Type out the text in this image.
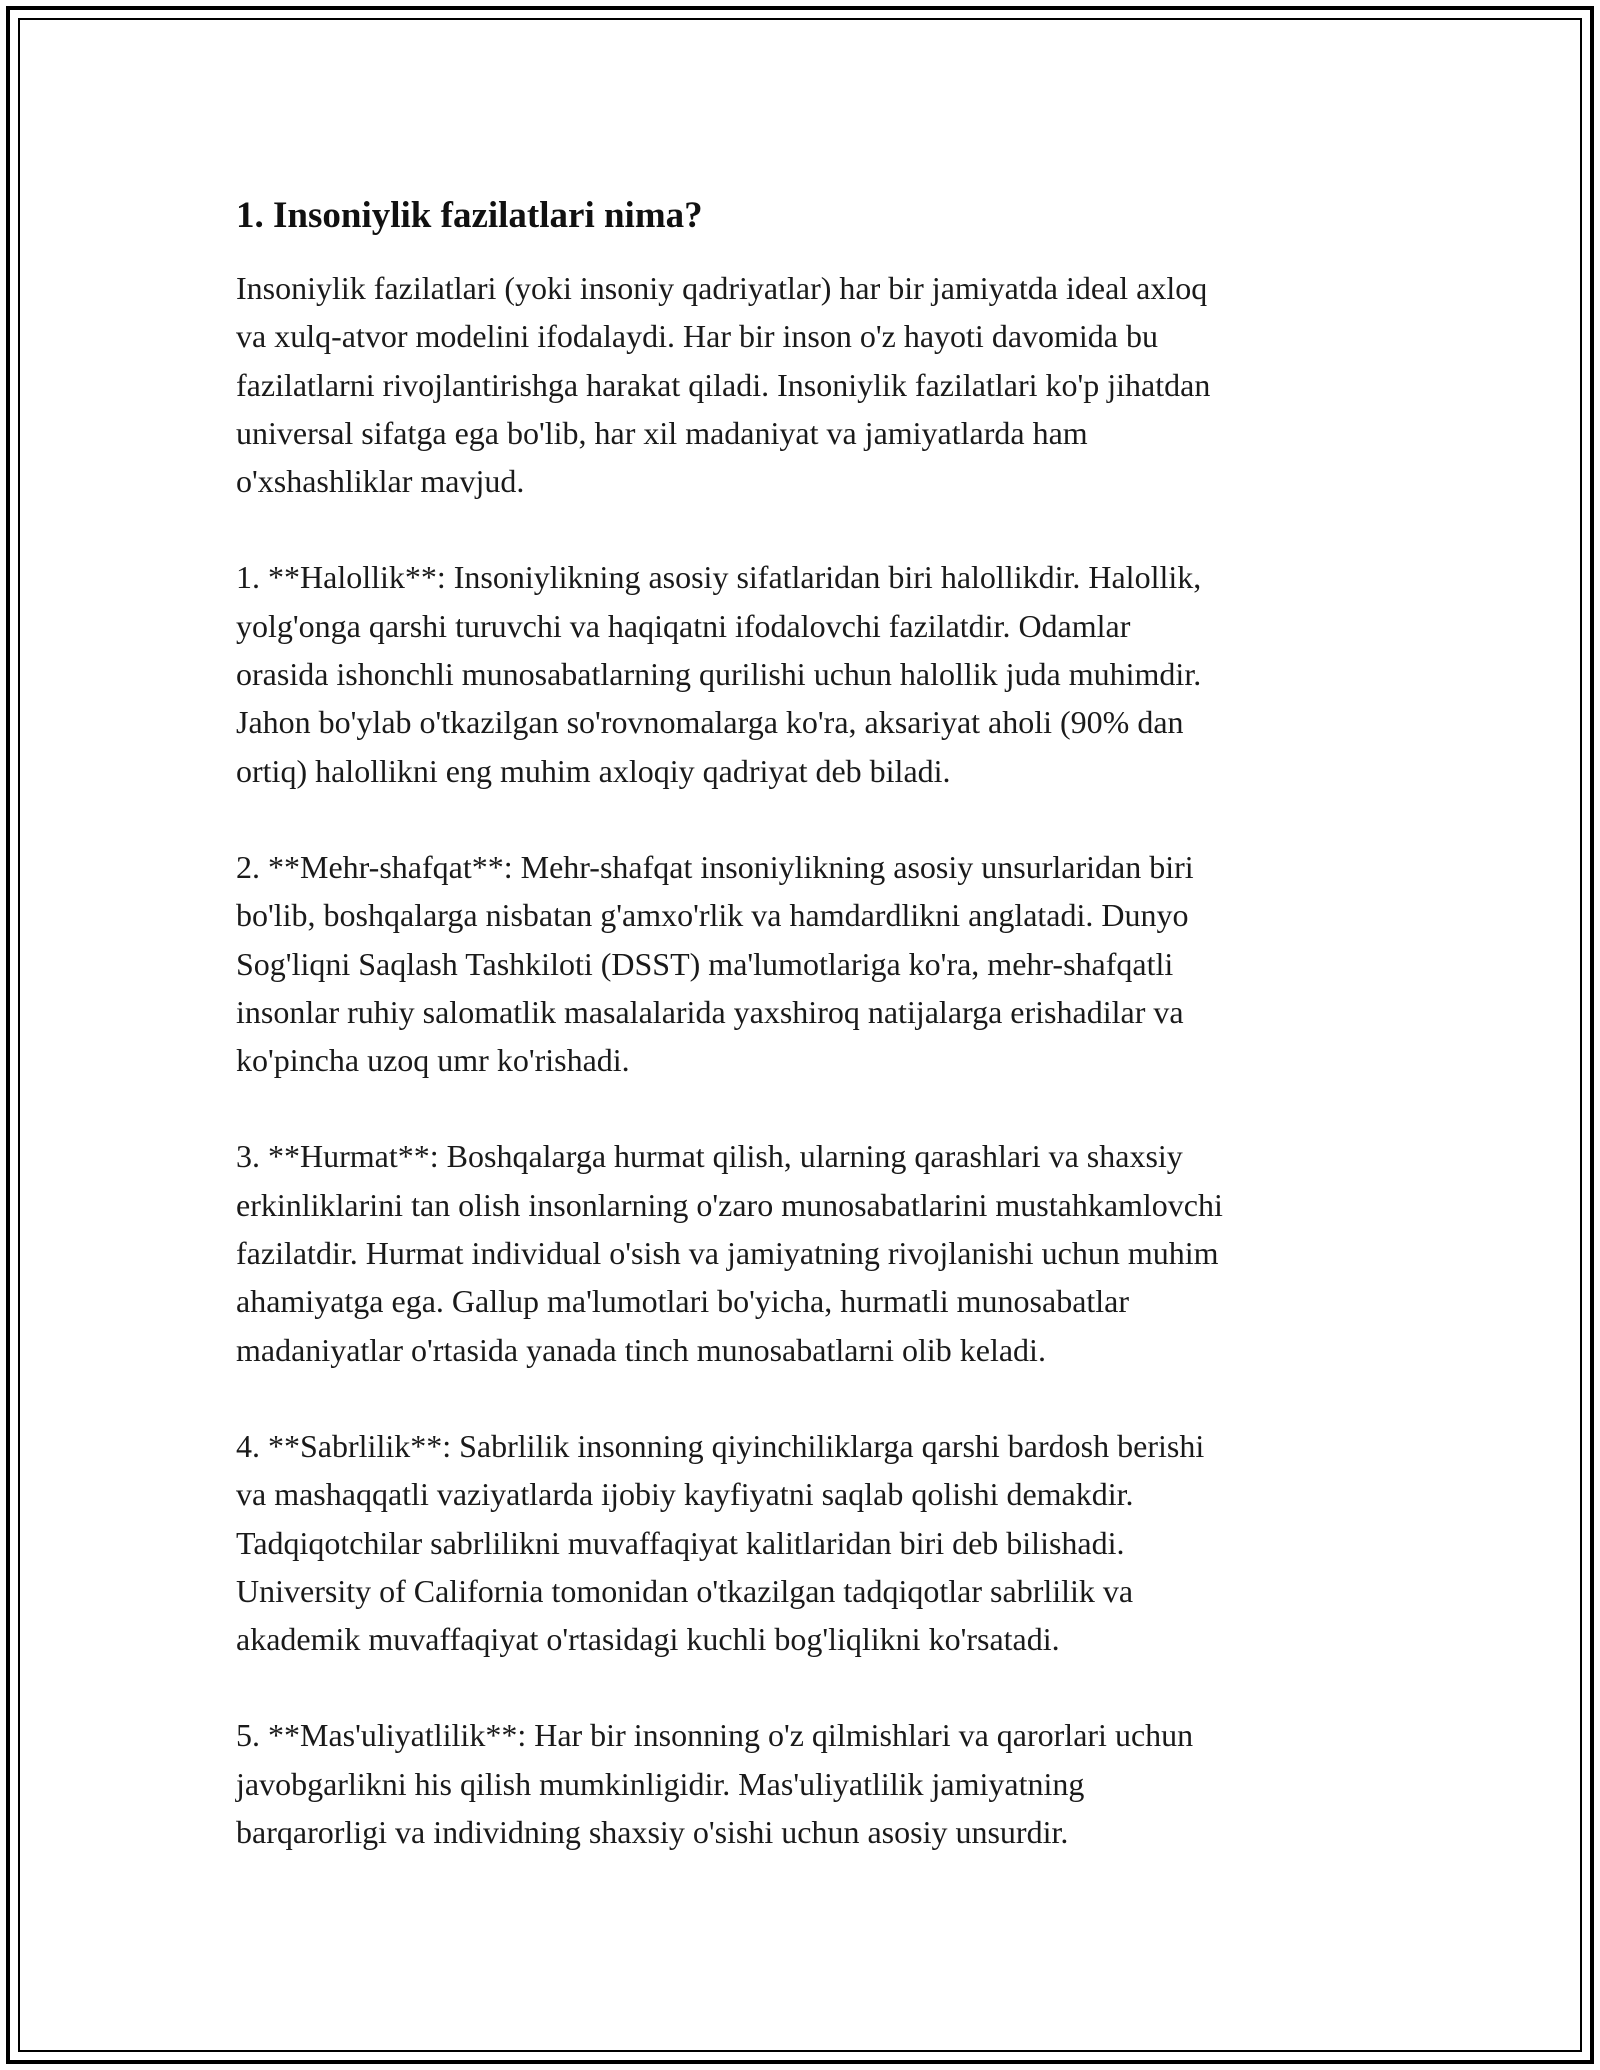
1. Insoniylik fazilatlari nima?

Insoniylik fazilatlari (yoki insoniy qadriyatlar) har bir jamiyatda ideal axloq
va xulq-atvor modelini ifodalaydi. Har bir inson o'z hayoti davomida bu
fazilatlarni rivojlantirishga harakat qiladi. Insoniylik fazilatlari ko'p jihatdan
universal sifatga ega bo'lib, har xil madaniyat va jamiyatlarda ham
o'xshashliklar mavjud.

1. **Halollik**: Insoniylikning asosiy sifatlaridan biri halollikdir. Halollik,
yolg'onga qarshi turuvchi va haqiqatni ifodalovchi fazilatdir. Odamlar
orasida ishonchli munosabatlarning qurilishi uchun halollik juda muhimdir.
Jahon bo'ylab o'tkazilgan so'rovnomalarga ko'ra, aksariyat aholi (90% dan
ortiq) halollikni eng muhim axloqiy qadriyat deb biladi.

2. **Mehr-shafqat**: Mehr-shafqat insoniylikning asosiy unsurlaridan biri
bo'lib, boshqalarga nisbatan g'amxo'rlik va hamdardlikni anglatadi. Dunyo
Sog'liqni Saqlash Tashkiloti (DSST) ma'lumotlariga ko'ra, mehr-shafqatli
insonlar ruhiy salomatlik masalalarida yaxshiroq natijalarga erishadilar va
ko'pincha uzoq umr ko'rishadi.

3. **Hurmat**: Boshqalarga hurmat qilish, ularning qarashlari va shaxsiy
erkinliklarini tan olish insonlarning o'zaro munosabatlarini mustahkamlovchi
fazilatdir. Hurmat individual o'sish va jamiyatning rivojlanishi uchun muhim
ahamiyatga ega. Gallup ma'lumotlari bo'yicha, hurmatli munosabatlar
madaniyatlar o'rtasida yanada tinch munosabatlarni olib keladi.

4. **Sabrlilik**: Sabrlilik insonning qiyinchiliklarga qarshi bardosh berishi
va mashaqqatli vaziyatlarda ijobiy kayfiyatni saqlab qolishi demakdir.
Tadqiqotchilar sabrlilikni muvaffaqiyat kalitlaridan biri deb bilishadi.
University of California tomonidan o'tkazilgan tadqiqotlar sabrlilik va
akademik muvaffaqiyat o'rtasidagi kuchli bog'liqlikni ko'rsatadi.

5. **Mas'uliyatlilik**: Har bir insonning o'z qilmishlari va qarorlari uchun
javobgarlikni his qilish mumkinligidir. Mas'uliyatlilik jamiyatning
barqarorligi va individning shaxsiy o'sishi uchun asosiy unsurdir.
